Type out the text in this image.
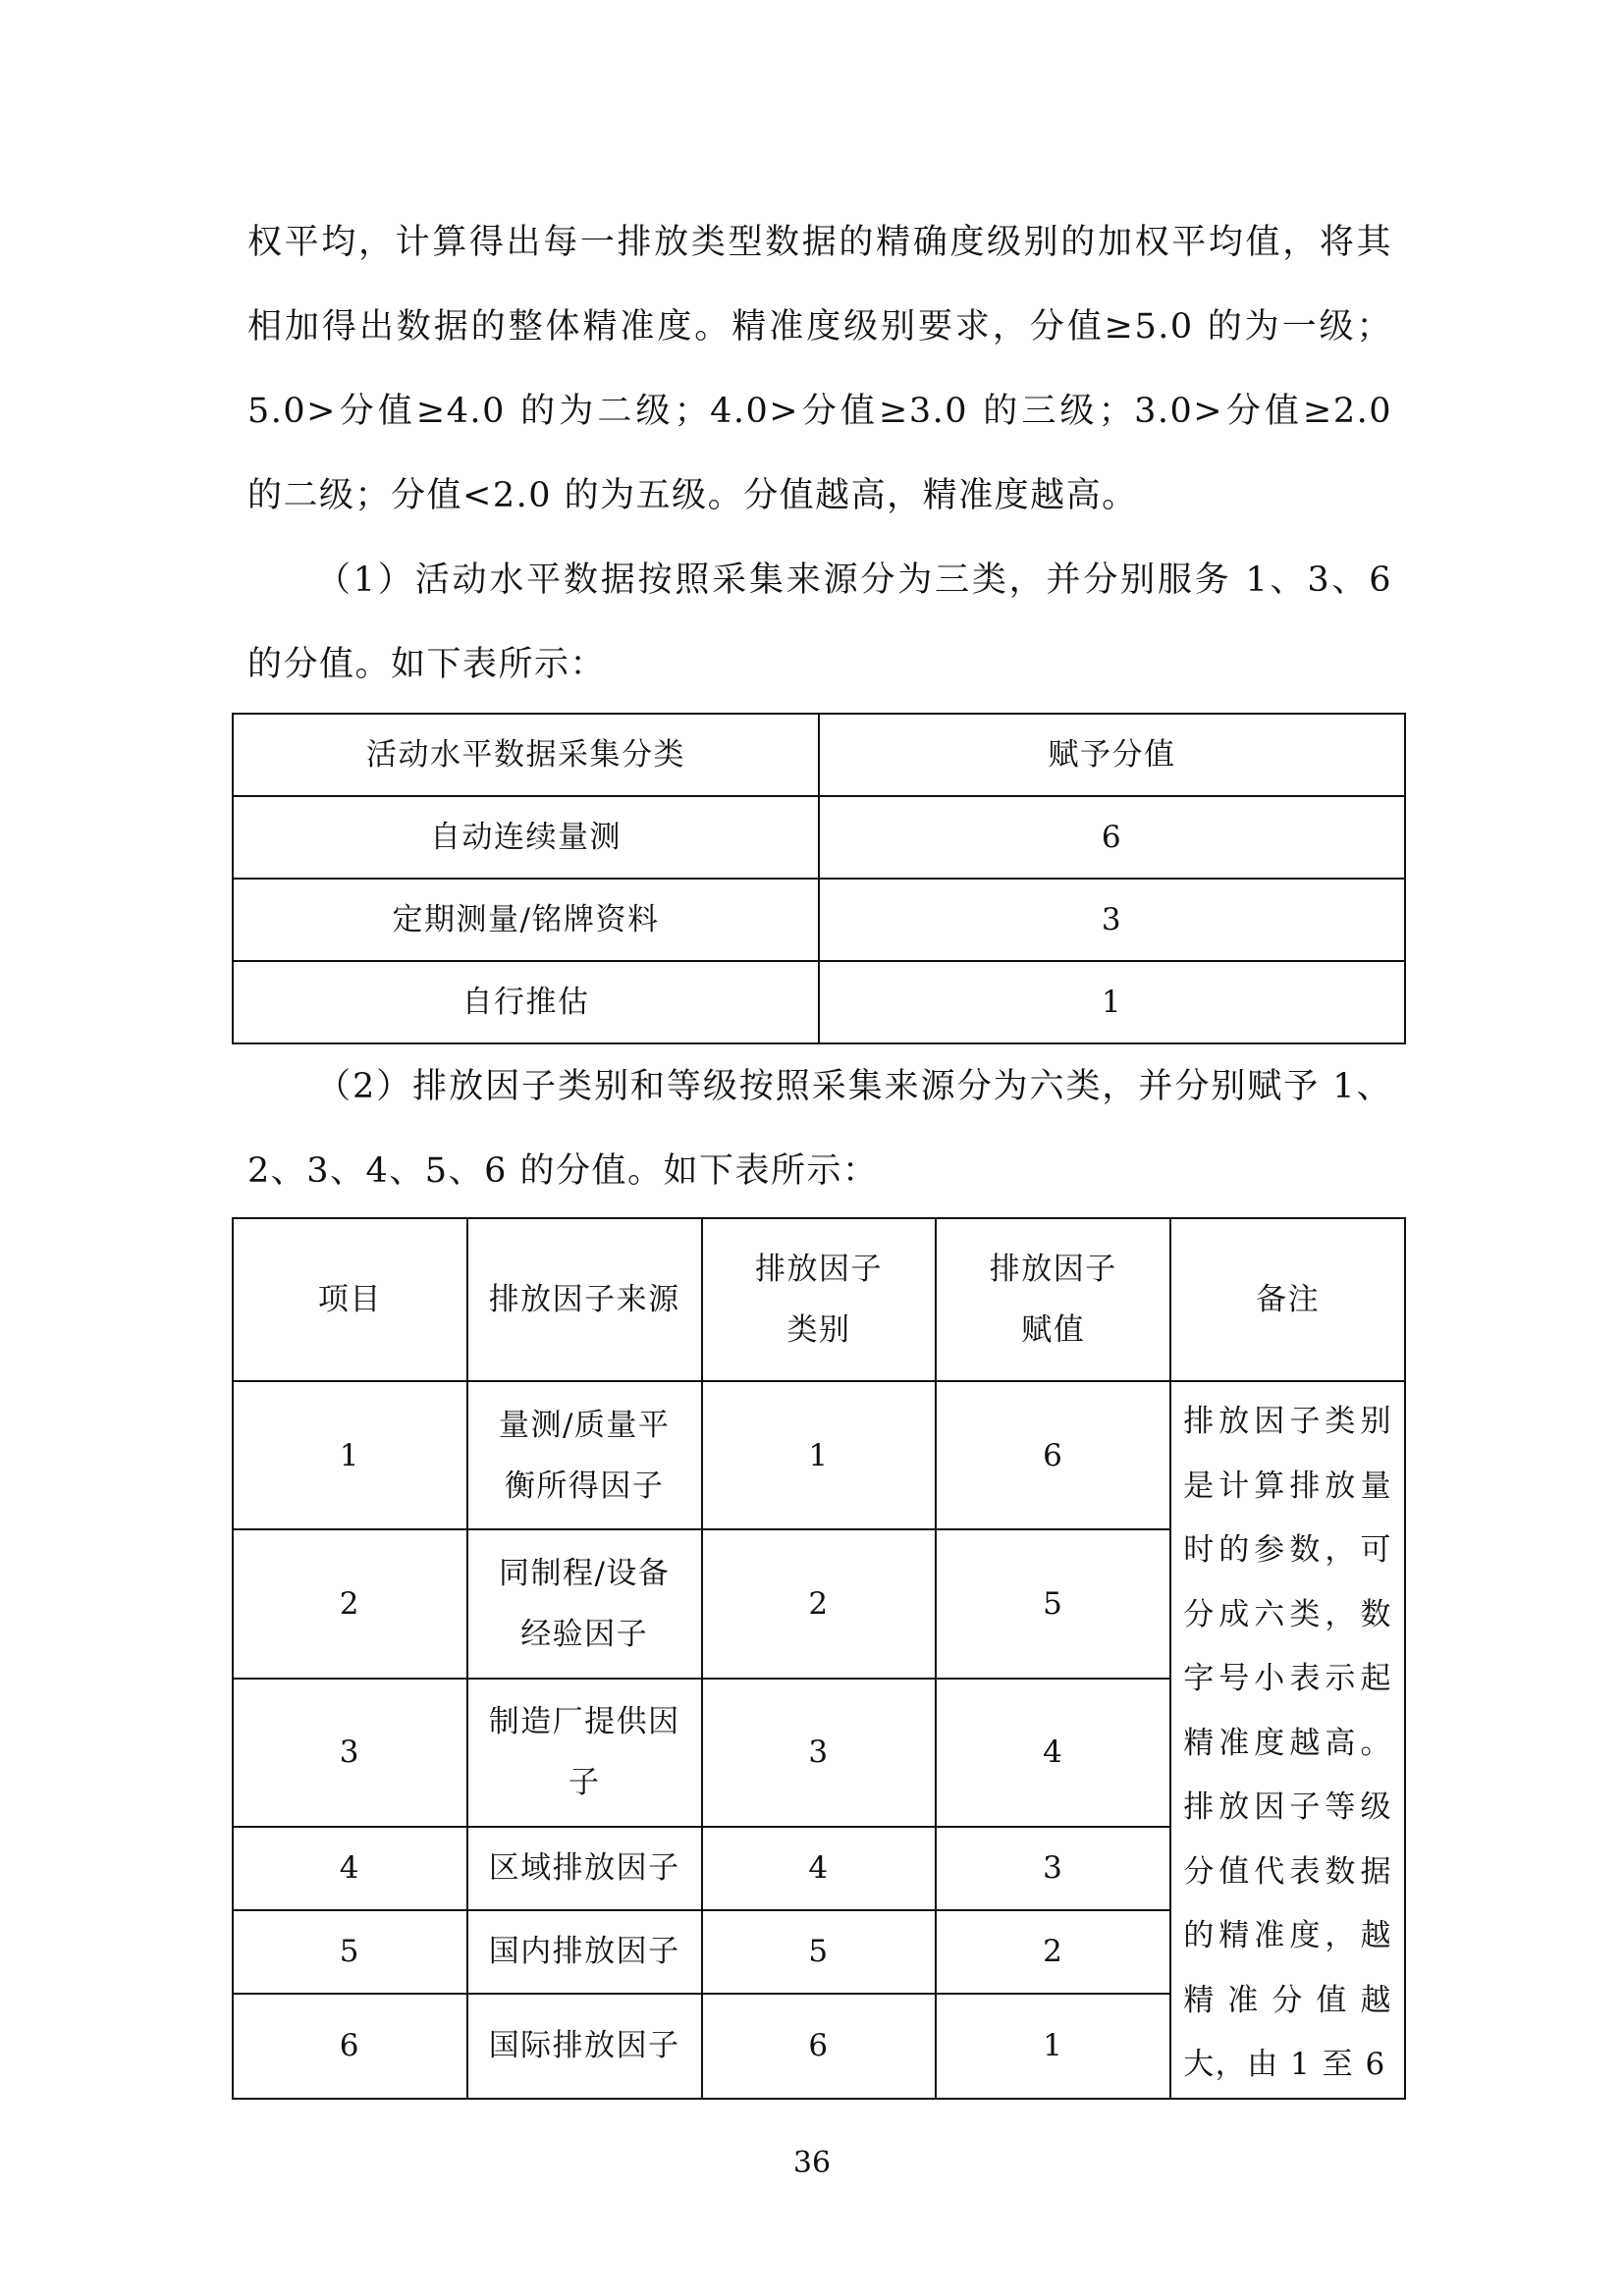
权平均，计算得出每一排放类型数据的精确度级别的加权平均值，将其相加得出数据的整体精准度。精准度级别要求，分值≥5.0 的为一级；5.0>分值≥4.0 的为二级；4.0>分值≥3.0 的三级；3.0>分值≥2.0 的二级；分值<2.0 的为五级。分值越高，精准度越高。

（1）活动水平数据按照采集来源分为三类，并分别服务 1、3、6 的分值。如下表所示：

活动水平数据采集分类	赋予分值
自动连续量测	6
定期测量/铭牌资料	3
自行推估	1

（2）排放因子类别和等级按照采集来源分为六类，并分别赋予 1、2、3、4、5、6 的分值。如下表所示：

项目	排放因子来源	排放因子类别	排放因子赋值	备注
1	量测/质量平衡所得因子	1	6	排放因子类别是计算排放量时的参数，可分成六类，数字号小表示起精准度越高。排放因子等级分值代表数据的精准度，越精准分值越大，由 1 至 6
2	同制程/设备经验因子	2	5	
3	制造厂提供因子	3	4	
4	区域排放因子	4	3	
5	国内排放因子	5	2	
6	国际排放因子	6	1	
36
